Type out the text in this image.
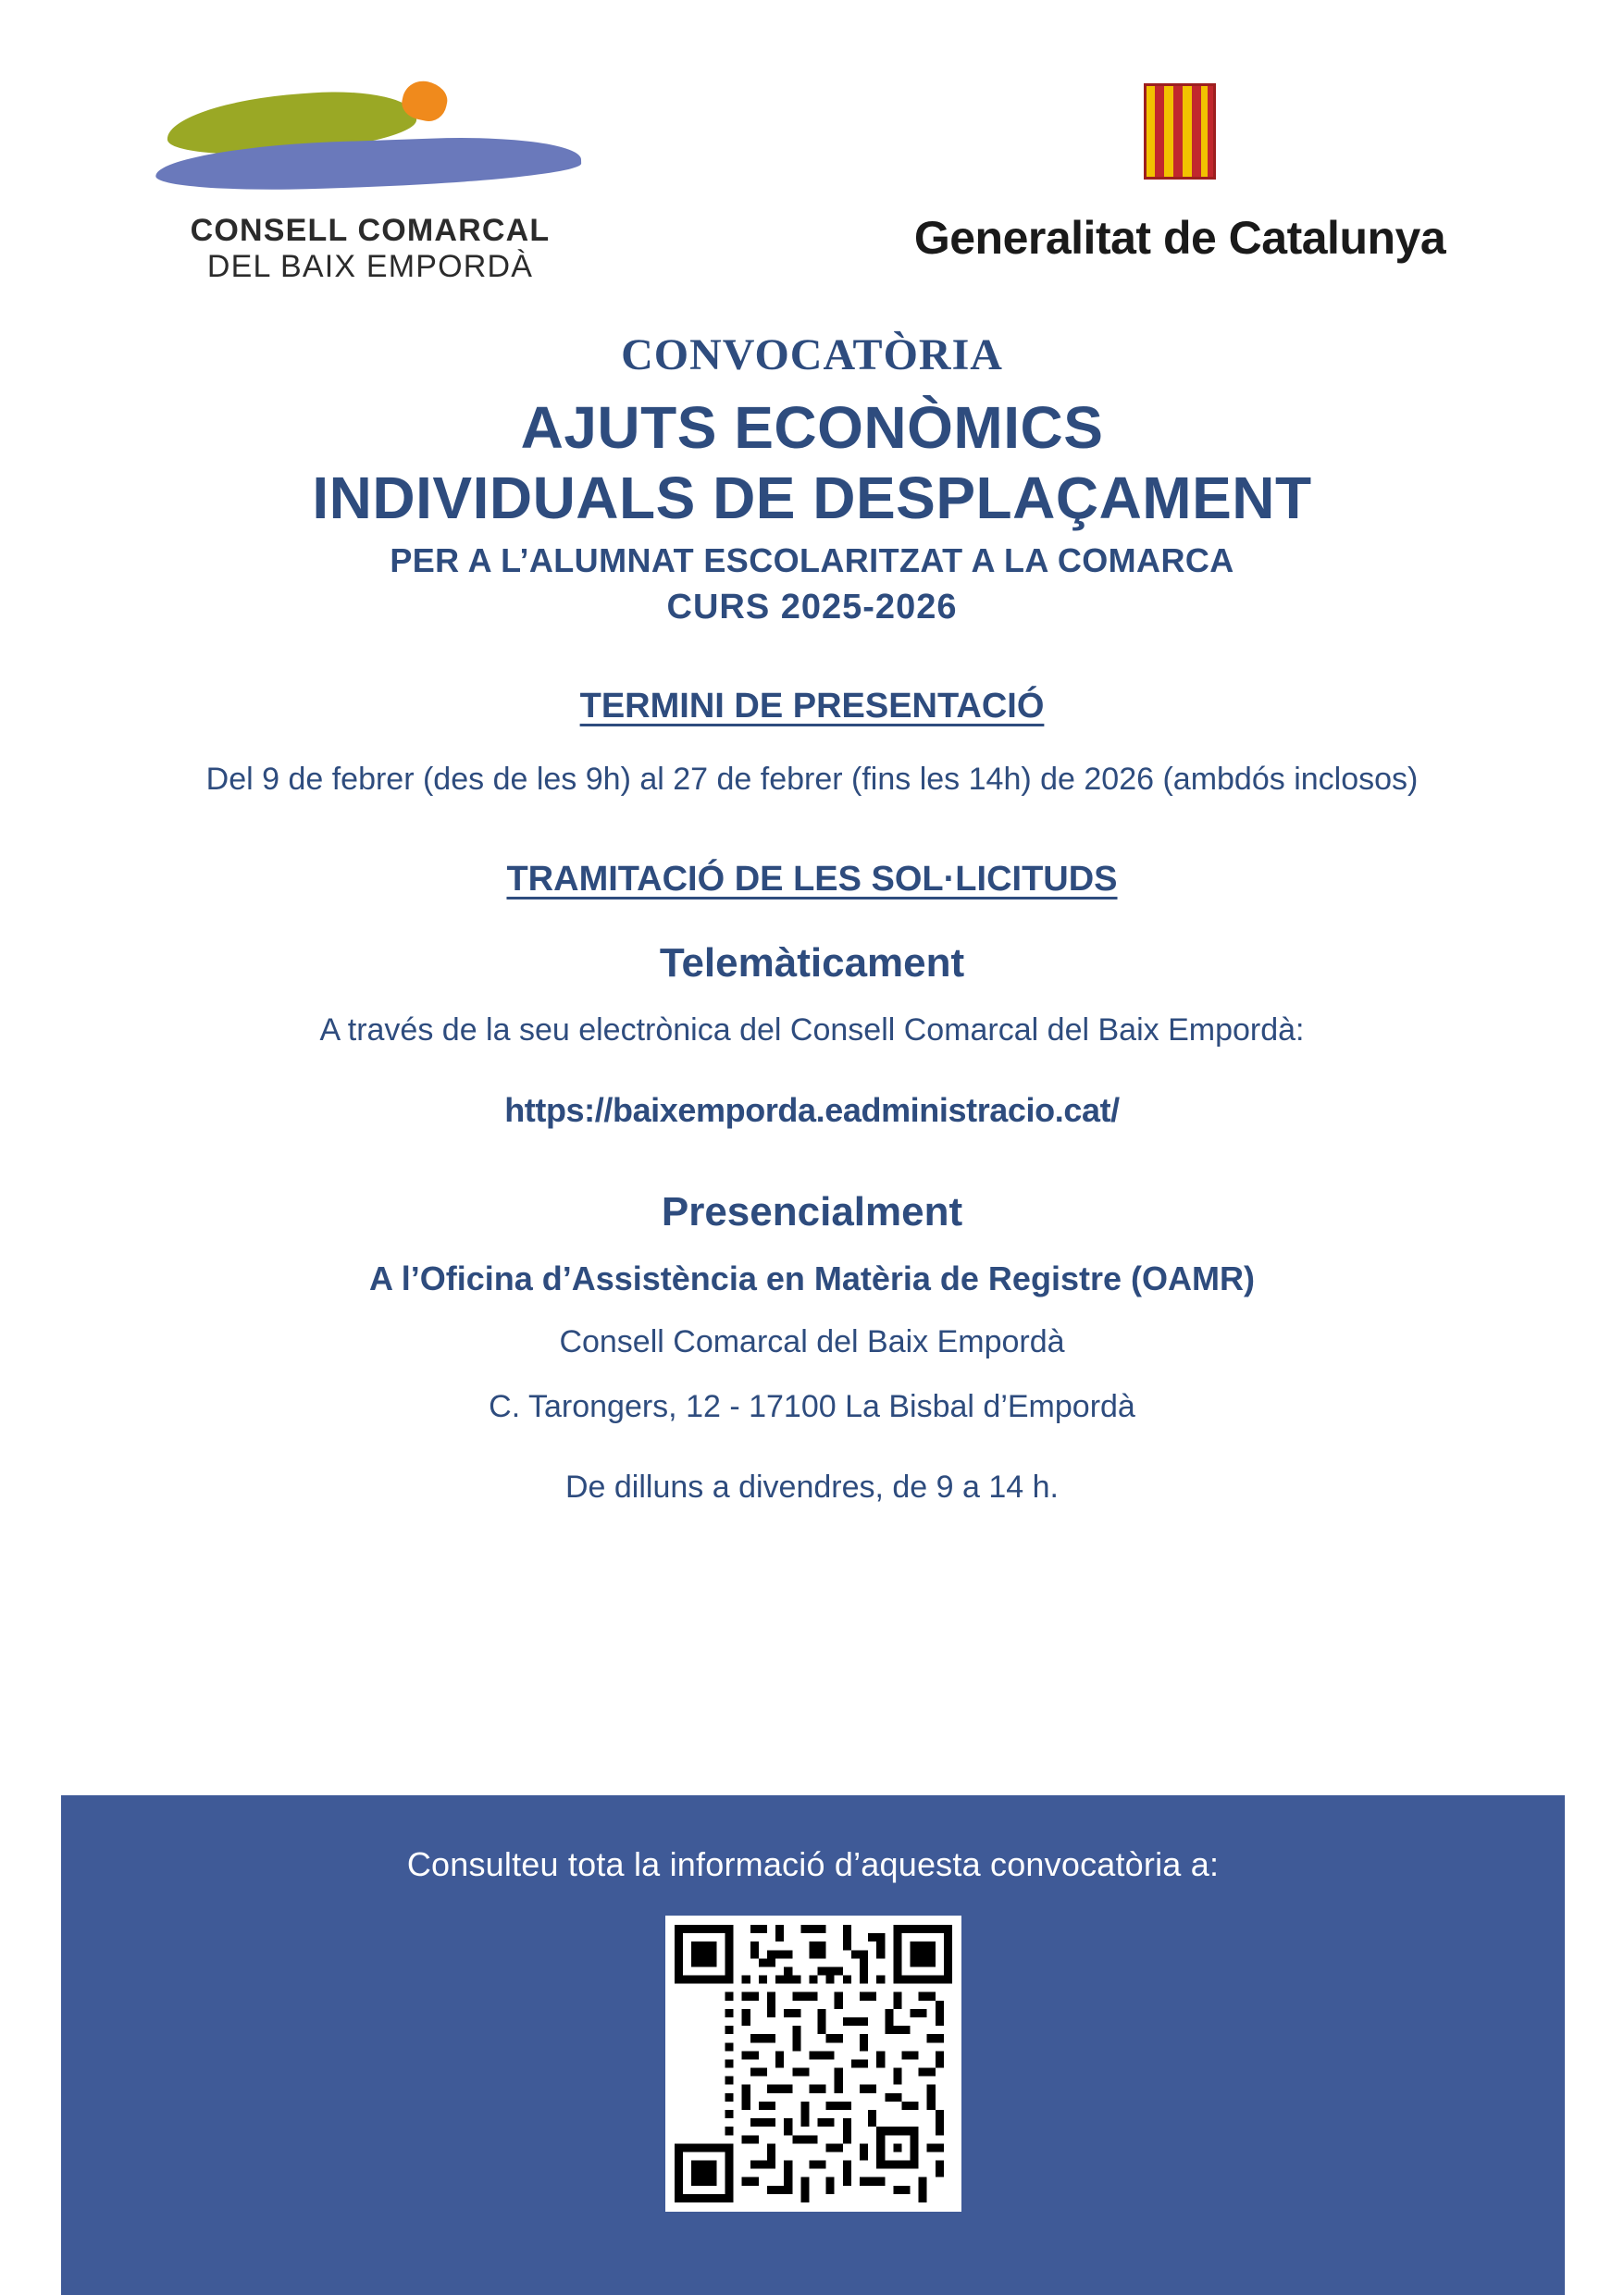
CONSELL COMARCAL
DEL BAIX EMPORDÀ
Generalitat de Catalunya
CONVOCATÒRIA
AJUTS ECONÒMICS
INDIVIDUALS DE DESPLAÇAMENT
PER A L’ALUMNAT ESCOLARITZAT A LA COMARCA
CURS 2025-2026
TERMINI DE PRESENTACIÓ
Del 9 de febrer (des de les 9h) al 27 de febrer (fins les 14h) de 2026 (ambdós inclosos)
TRAMITACIÓ DE LES SOL·LICITUDS
Telemàticament
A través de la seu electrònica del Consell Comarcal del Baix Empordà:
https://baixemporda.eadministracio.cat/
Presencialment
A l’Oficina d’Assistència en Matèria de Registre (OAMR)
Consell Comarcal del Baix Empordà
C. Tarongers, 12 - 17100 La Bisbal d’Empordà
De dilluns a divendres, de 9 a 14 h.
Consulteu tota la informació d’aquesta convocatòria a:
